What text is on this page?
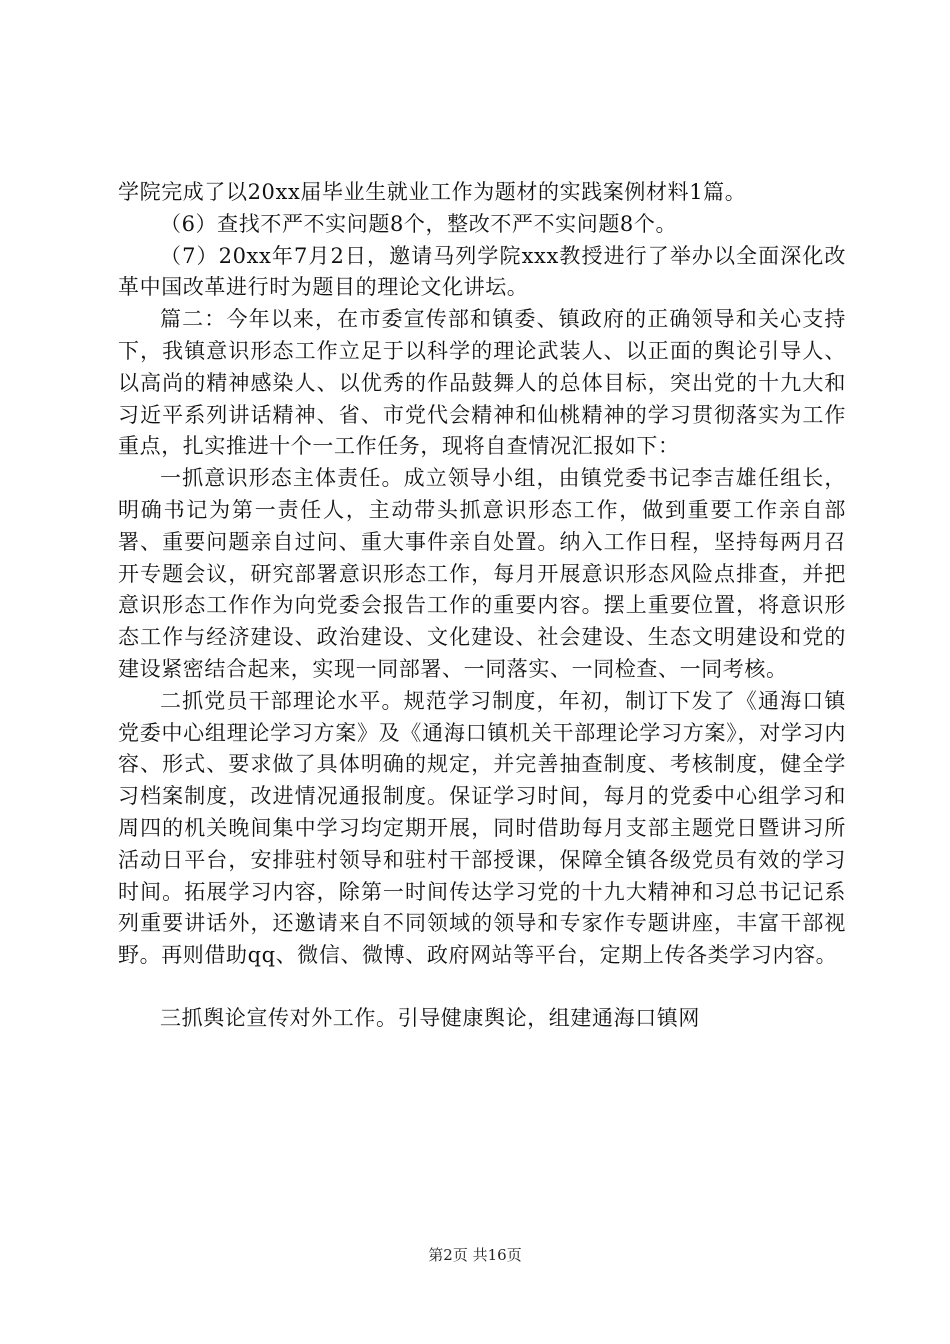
学院完成了以20xx届毕业生就业工作为题材的实践案例材料1篇。

（6）查找不严不实问题8个，整改不严不实问题8个。

（7）20xx年7月2日，邀请马列学院xxx教授进行了举办以全面深化改革中国改革进行时为题目的理论文化讲坛。

篇二：今年以来，在市委宣传部和镇委、镇政府的正确领导和关心支持下，我镇意识形态工作立足于以科学的理论武装人、以正面的舆论引导人、以高尚的精神感染人、以优秀的作品鼓舞人的总体目标，突出党的十九大和习近平系列讲话精神、省、市党代会精神和仙桃精神的学习贯彻落实为工作重点，扎实推进十个一工作任务，现将自查情况汇报如下：

一抓意识形态主体责任。成立领导小组，由镇党委书记李吉雄任组长，明确书记为第一责任人，主动带头抓意识形态工作，做到重要工作亲自部署、重要问题亲自过问、重大事件亲自处置。纳入工作日程，坚持每两月召开专题会议，研究部署意识形态工作，每月开展意识形态风险点排查，并把意识形态工作作为向党委会报告工作的重要内容。摆上重要位置，将意识形态工作与经济建设、政治建设、文化建设、社会建设、生态文明建设和党的建设紧密结合起来，实现一同部署、一同落实、一同检查、一同考核。

二抓党员干部理论水平。规范学习制度，年初，制订下发了《通海口镇党委中心组理论学习方案》及《通海口镇机关干部理论学习方案》，对学习内容、形式、要求做了具体明确的规定，并完善抽查制度、考核制度，健全学习档案制度，改进情况通报制度。保证学习时间，每月的党委中心组学习和周四的机关晚间集中学习均定期开展，同时借助每月支部主题党日暨讲习所活动日平台，安排驻村领导和驻村干部授课，保障全镇各级党员有效的学习时间。拓展学习内容，除第一时间传达学习党的十九大精神和习总书记记系列重要讲话外，还邀请来自不同领域的领导和专家作专题讲座，丰富干部视野。再则借助qq、微信、微博、政府网站等平台，定期上传各类学习内容。

三抓舆论宣传对外工作。引导健康舆论，组建通海口镇网

第2页 共16页
